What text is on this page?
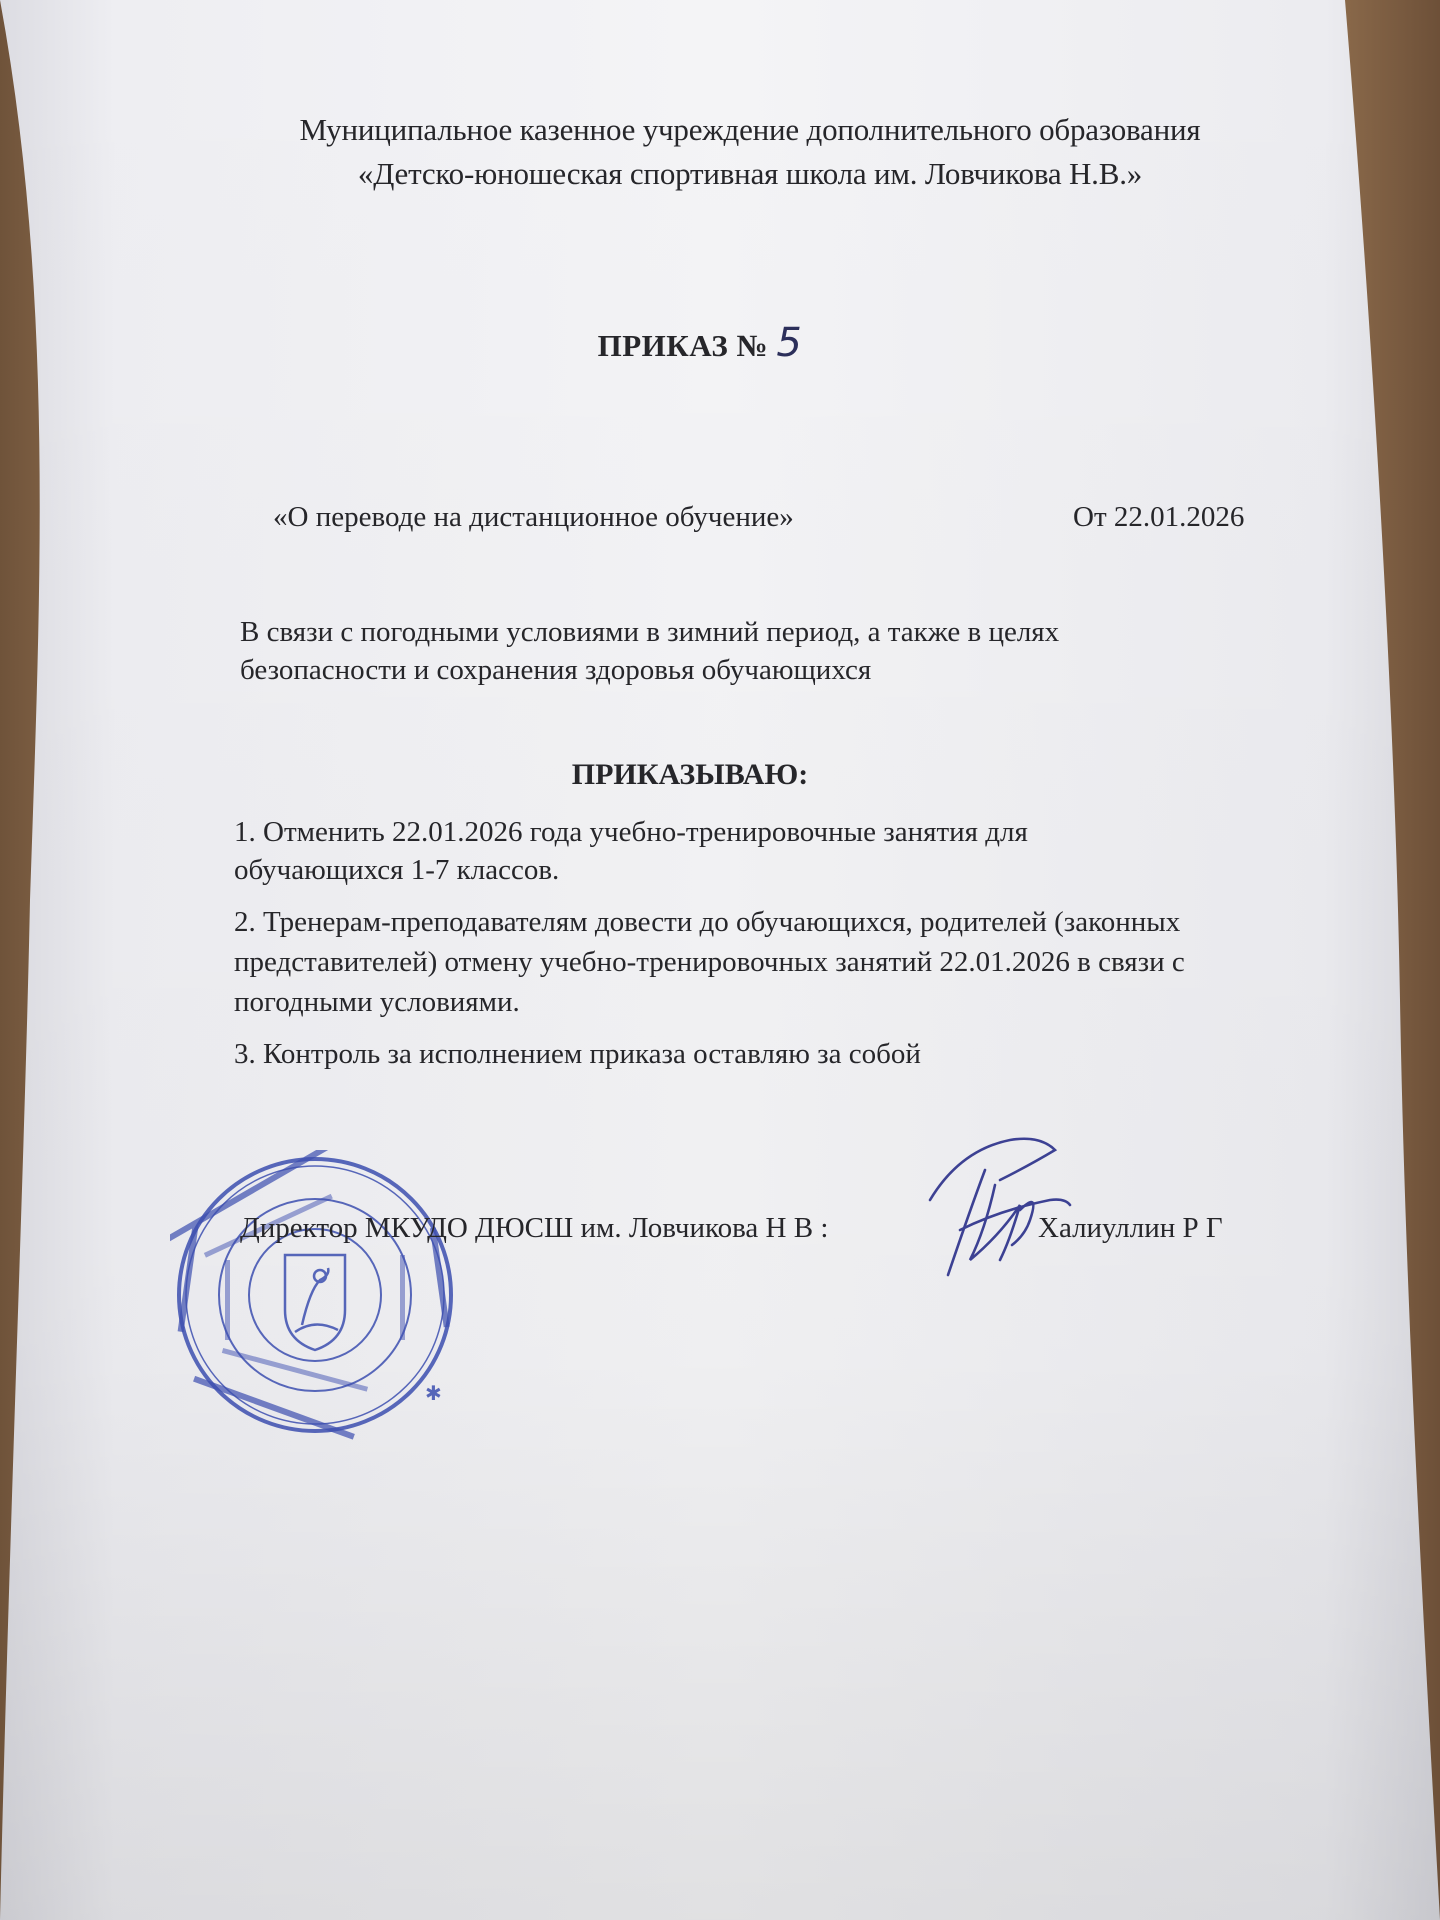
Муниципальное казенное учреждение дополнительного образования
«Детско-юношеская спортивная школа им. Ловчикова Н.В.»
ПРИКАЗ № 5
«О переводе на дистанционное обучение»	От 22.01.2026
В связи с погодными условиями в зимний период, а также в целях
безопасности и сохранения здоровья обучающихся
ПРИКАЗЫВАЮ:
1. Отменить 22.01.2026 года учебно-тренировочные занятия для
обучающихся 1-7 классов.
2. Тренерам-преподавателям довести до обучающихся, родителей (законных
представителей) отмену учебно-тренировочных занятий 22.01.2026 в связи с
погодными условиями.
3. Контроль за исполнением приказа оставляю за собой
✱
Директор МКУДО ДЮСШ им. Ловчикова Н В :	Халиуллин Р Г
